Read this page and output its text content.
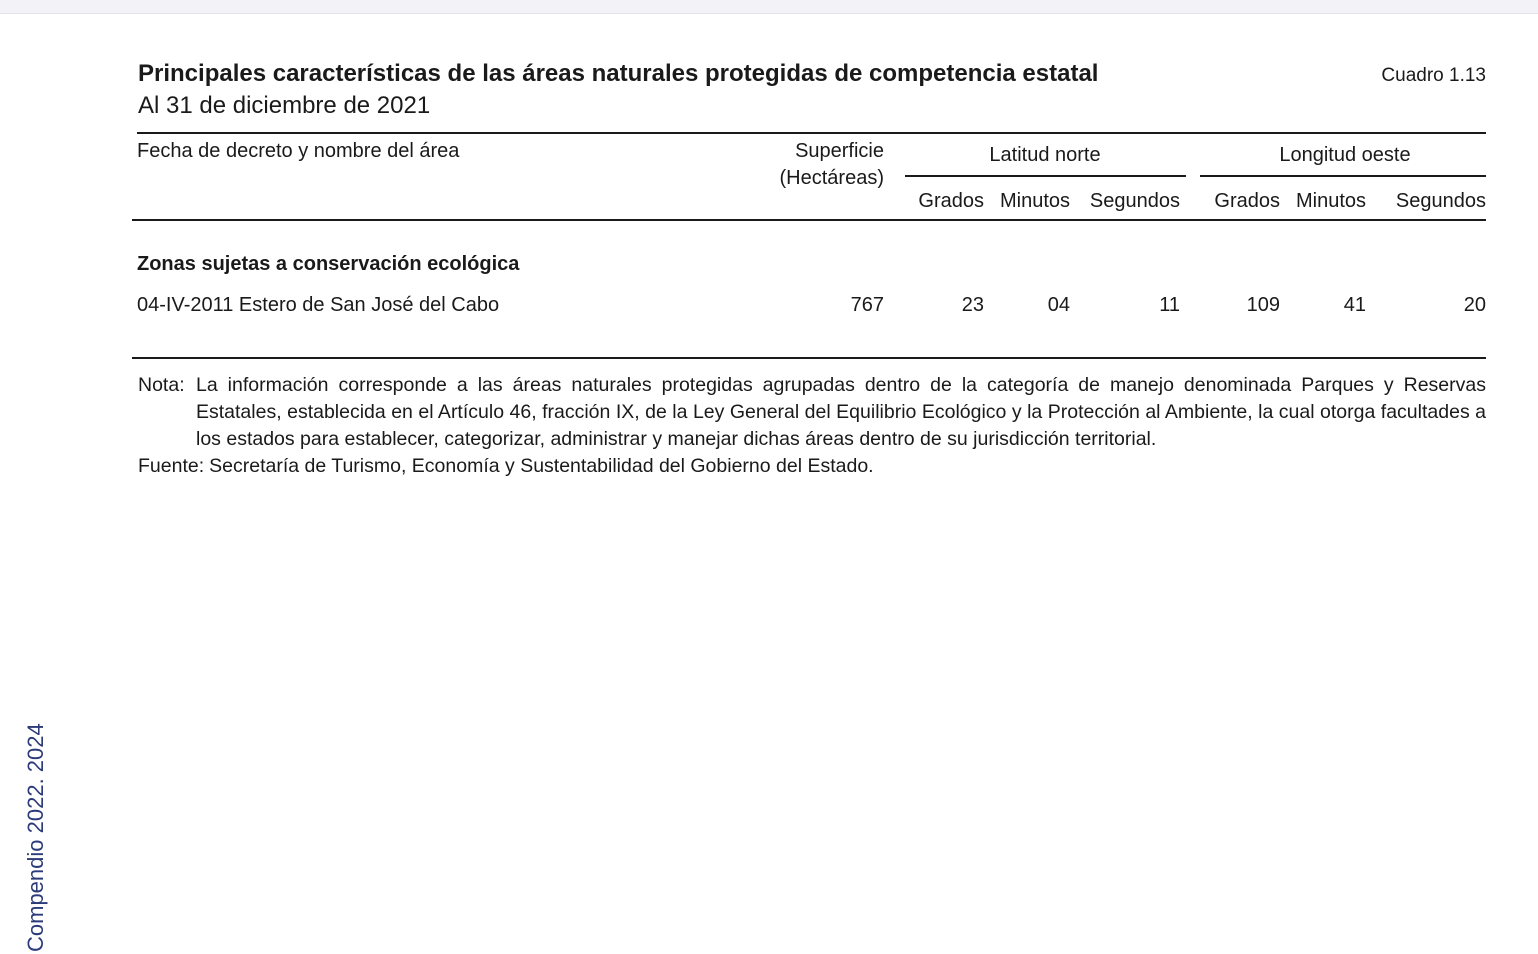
Principales características de las áreas naturales protegidas de competencia estatal
Al 31 de diciembre de 2021
Cuadro 1.13
Fecha de decreto y nombre del área	Superficie
(Hectáreas)
Latitud norte	Longitud oeste
Grados Minutos Segundos	Grados Minutos	Segundos
Zonas sujetas a conservación ecológica
04-IV-2011 Estero de San José del Cabo	767	23	04	11	109	41	20
Nota: La información corresponde a las áreas naturales protegidas agrupadas dentro de la categoría de manejo denominada Parques y Reservas Estatales, establecida en el Artículo 46, fracción IX, de la Ley General del Equilibrio Ecológico y la Protección al Ambiente, la cual otorga facultades a los estados para establecer, categorizar, administrar y manejar dichas áreas dentro de su jurisdicción territorial.
Fuente: Secretaría de Turismo, Economía y Sustentabilidad del Gobierno del Estado.
Compendio 2022. 2024
